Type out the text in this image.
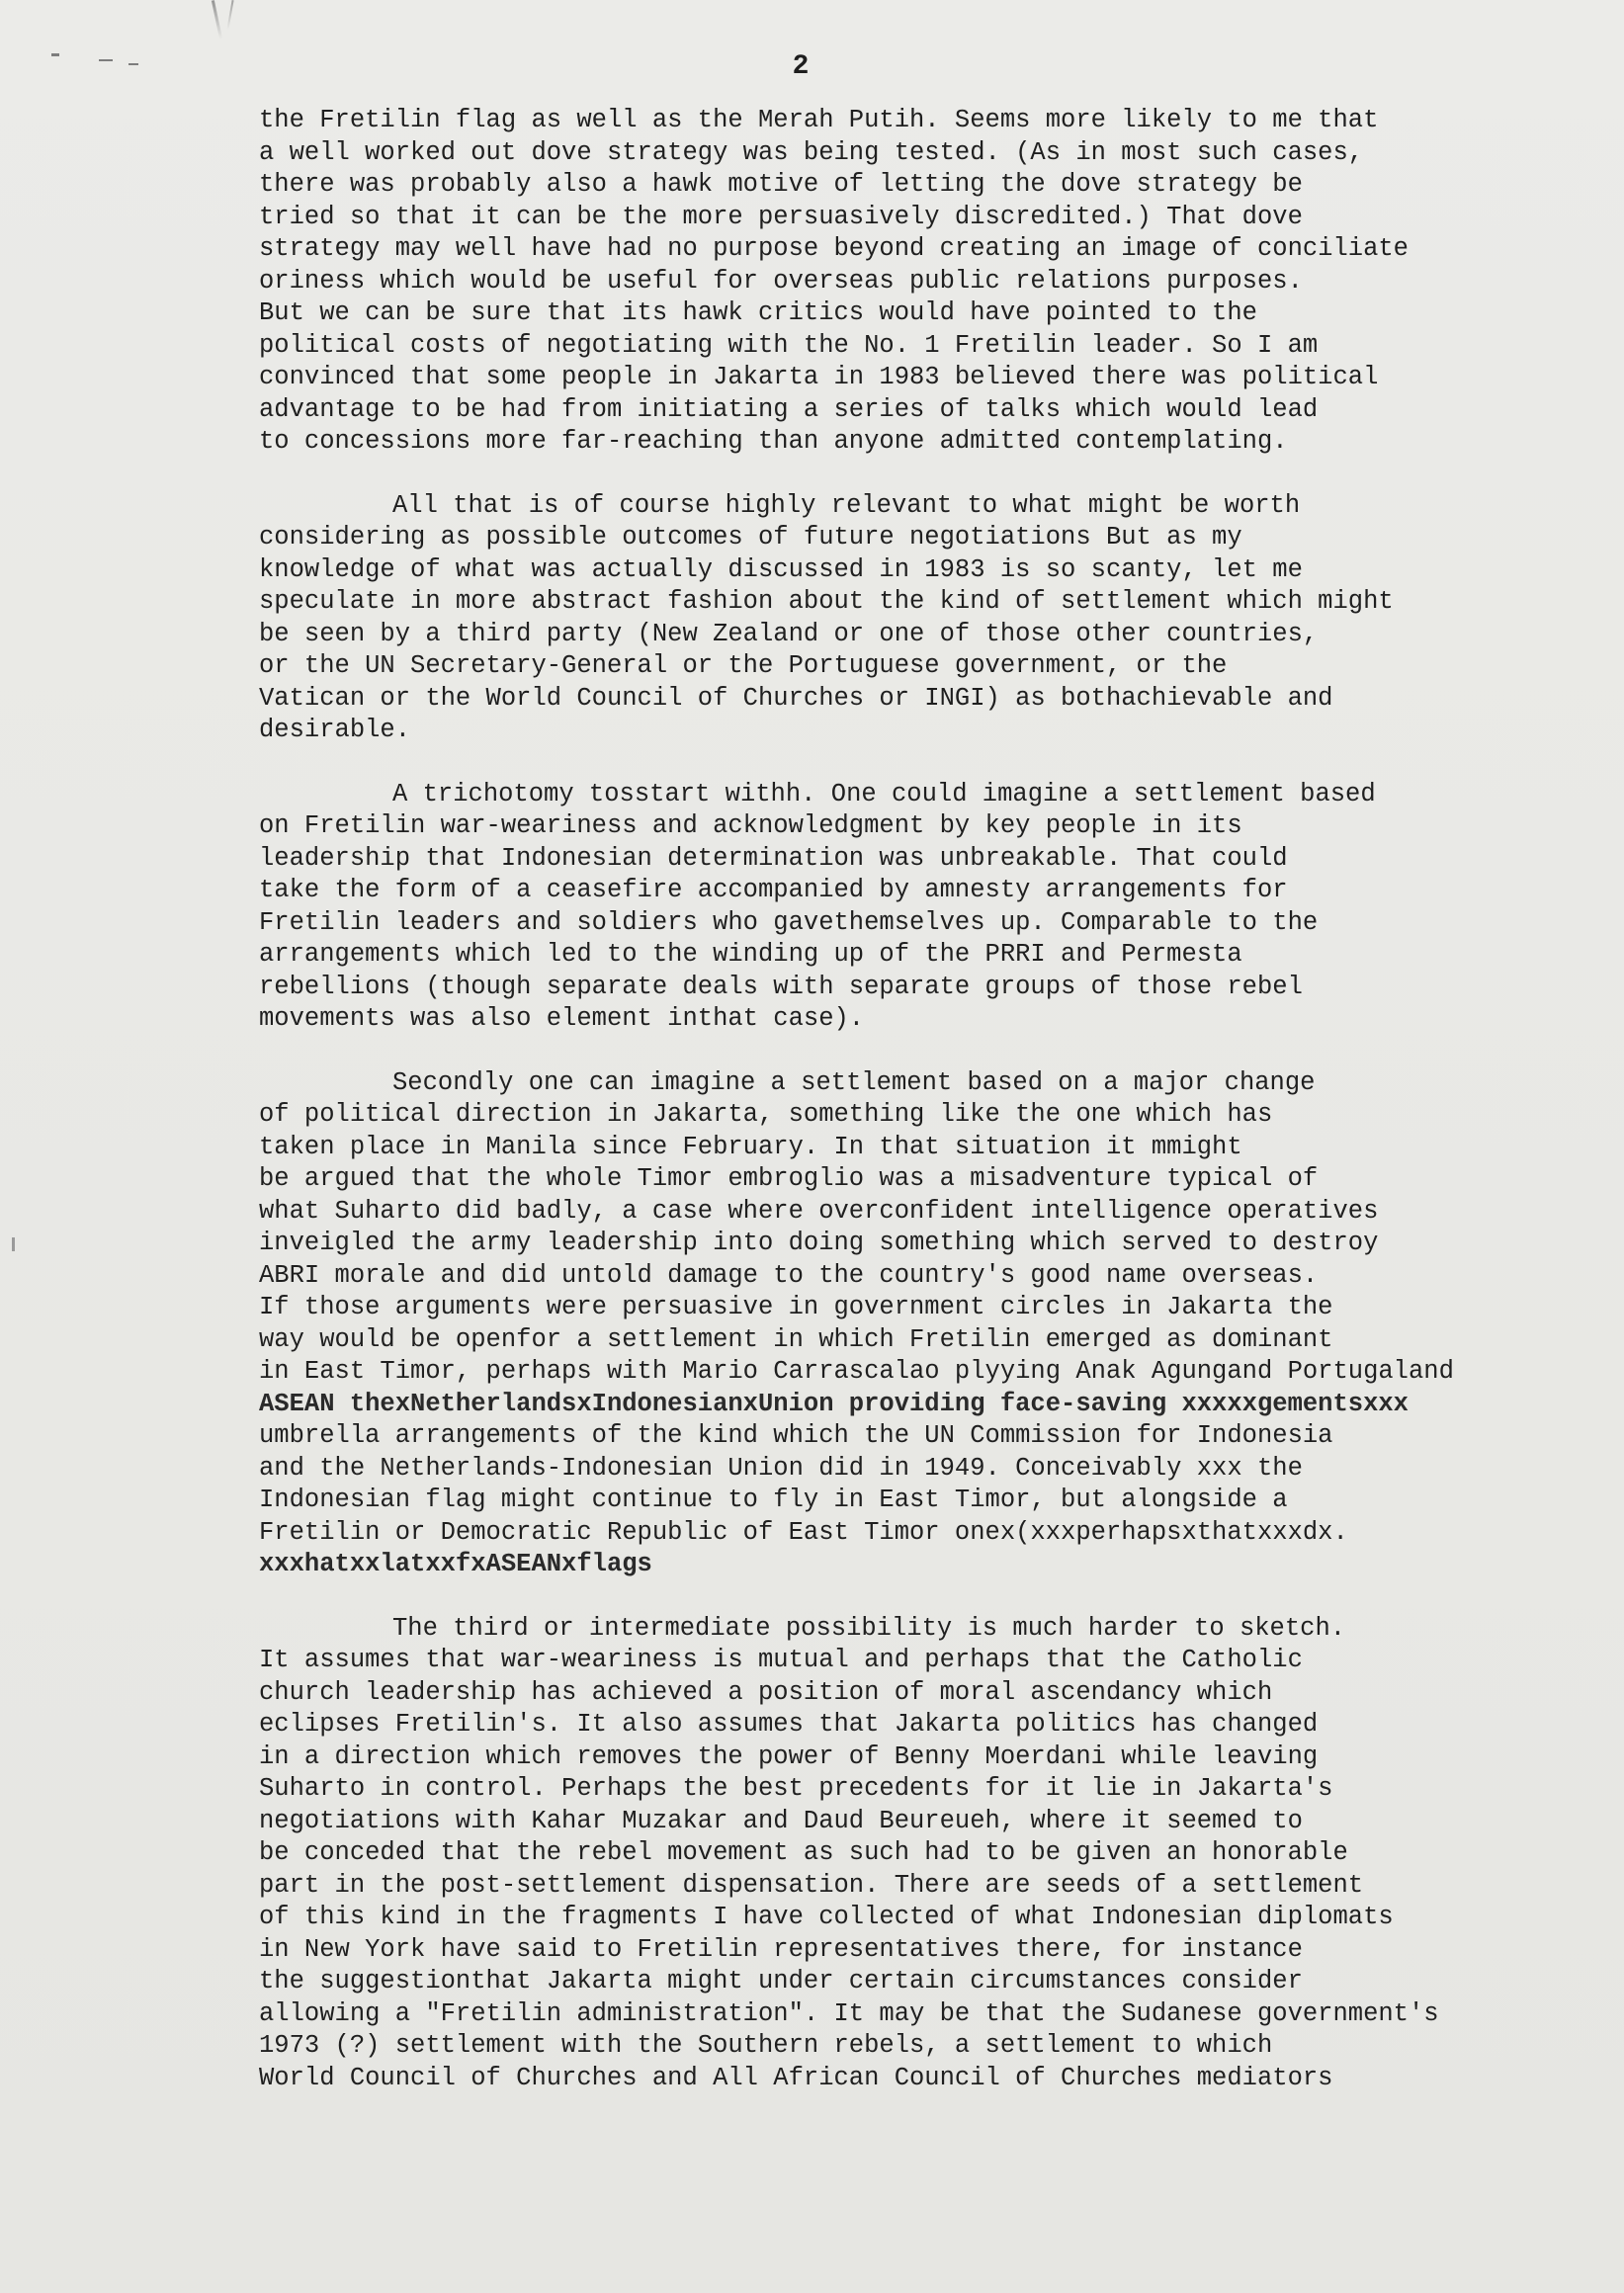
2
the Fretilin flag as well as the Merah Putih. Seems more likely to me that
a well worked out dove strategy was being tested. (As in most such cases,
there was probably also a hawk motive of letting the dove strategy be
tried so that it can be the more persuasively discredited.) That dove
strategy may well have had no purpose beyond creating an image of conciliate
oriness which would be useful for overseas public relations purposes.
But we can be sure that its hawk critics would have pointed to the
political costs of negotiating with the No. 1 Fretilin leader. So I am
convinced that some people in Jakarta in 1983 believed there was political
advantage to be had from initiating a series of talks which would lead
to concessions more far-reaching than anyone admitted contemplating.
All that is of course highly relevant to what might be worth
considering as possible outcomes of future negotiations But as my
knowledge of what was actually discussed in 1983 is so scanty, let me
speculate in more abstract fashion about the kind of settlement which might
be seen by a third party (New Zealand or one of those other countries,
or the UN Secretary-General or the Portuguese government, or the
Vatican or the World Council of Churches or INGI) as bothachievable and
desirable.
A trichotomy tosstart withh. One could imagine a settlement based
on Fretilin war-weariness and acknowledgment by key people in its
leadership that Indonesian determination was unbreakable. That could
take the form of a ceasefire accompanied by amnesty arrangements for
Fretilin leaders and soldiers who gavethemselves up. Comparable to the
arrangements which led to the winding up of the PRRI and Permesta
rebellions (though separate deals with separate groups of those rebel
movements was also element inthat case).
Secondly one can imagine a settlement based on a major change
of political direction in Jakarta, something like the one which has
taken place in Manila since February. In that situation it mmight
be argued that the whole Timor embroglio was a misadventure typical of
what Suharto did badly, a case where overconfident intelligence operatives
inveigled the army leadership into doing something which served to destroy
ABRI morale and did untold damage to the country's good name overseas.
If those arguments were persuasive in government circles in Jakarta the
way would be openfor a settlement in which Fretilin emerged as dominant
in East Timor, perhaps with Mario Carrascalao plyying Anak Agungand Portugaland
ASEAN thexNetherlandsxIndonesianxUnion providing face-saving xxxxxgementsxxx
umbrella arrangements of the kind which the UN Commission for Indonesia
and the Netherlands-Indonesian Union did in 1949. Conceivably xxx the
Indonesian flag might continue to fly in East Timor, but alongside a
Fretilin or Democratic Republic of East Timor onex(xxxperhapsxthatxxxdx.
xxxhatxxlatxxfxASEANxflags
The third or intermediate possibility is much harder to sketch.
It assumes that war-weariness is mutual and perhaps that the Catholic
church leadership has achieved a position of moral ascendancy which
eclipses Fretilin's. It also assumes that Jakarta politics has changed
in a direction which removes the power of Benny Moerdani while leaving
Suharto in control. Perhaps the best precedents for it lie in Jakarta's
negotiations with Kahar Muzakar and Daud Beureueh, where it seemed to
be conceded that the rebel movement as such had to be given an honorable
part in the post-settlement dispensation. There are seeds of a settlement
of this kind in the fragments I have collected of what Indonesian diplomats
in New York have said to Fretilin representatives there, for instance
the suggestionthat Jakarta might under certain circumstances consider
allowing a "Fretilin administration". It may be that the Sudanese government's
1973 (?) settlement with the Southern rebels, a settlement to which
World Council of Churches and All African Council of Churches mediators
